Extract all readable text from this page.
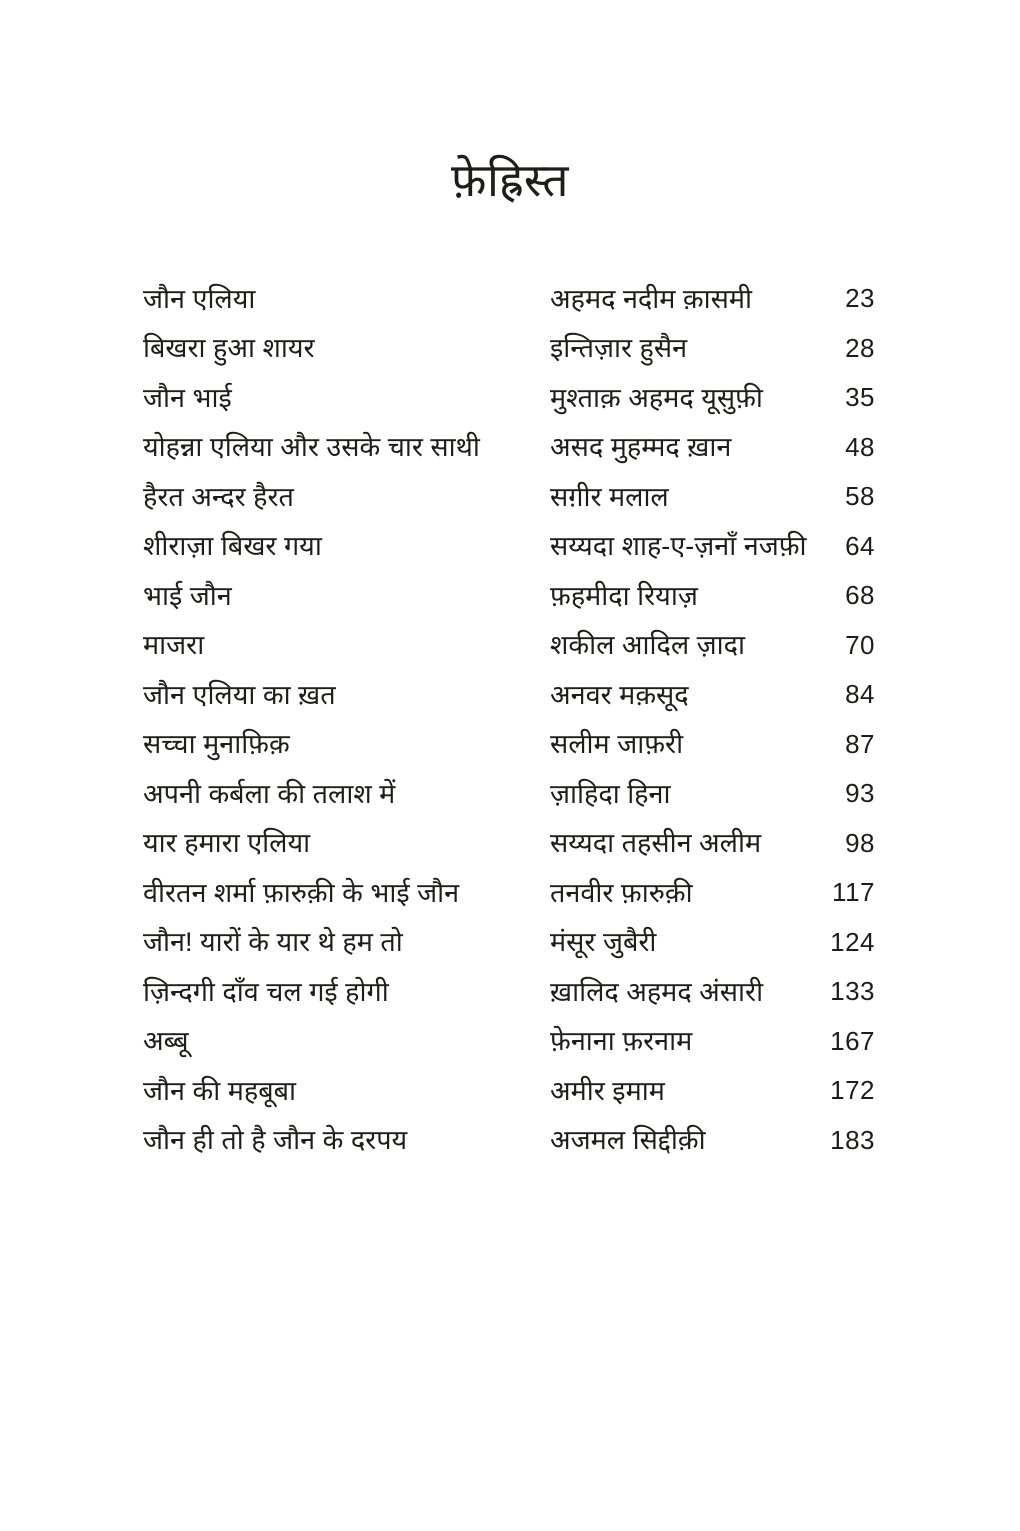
फ़ेह्रिस्त
जौन एलिया	अहमद नदीम क़ासमी	23
बिखरा हुआ शायर	इन्तिज़ार हुसैन	28
जौन भाई	मुश्ताक़ अहमद यूसुफ़ी	35
योहन्ना एलिया और उसके चार साथी	असद मुहम्मद ख़ान	48
हैरत अन्दर हैरत	सग़ीर मलाल	58
शीराज़ा बिखर गया	सय्यदा शाह-ए-ज़नाँ नजफ़ी	64
भाई जौन	फ़हमीदा रियाज़	68
माजरा	शकील आदिल ज़ादा	70
जौन एलिया का ख़त	अनवर मक़सूद	84
सच्चा मुनाफ़िक़	सलीम जाफ़री	87
अपनी कर्बला की तलाश में	ज़ाहिदा हिना	93
यार हमारा एलिया	सय्यदा तहसीन अलीम	98
वीरतन शर्मा फ़ारुक़ी के भाई जौन	तनवीर फ़ारुक़ी	117
जौन! यारों के यार थे हम तो	मंसूर जुबैरी	124
ज़िन्दगी दाँव चल गई होगी	ख़ालिद अहमद अंसारी	133
अब्बू	फ़ेनाना फ़रनाम	167
जौन की महबूबा	अमीर इमाम	172
जौन ही तो है जौन के दरपय	अजमल सिद्दीक़ी	183
